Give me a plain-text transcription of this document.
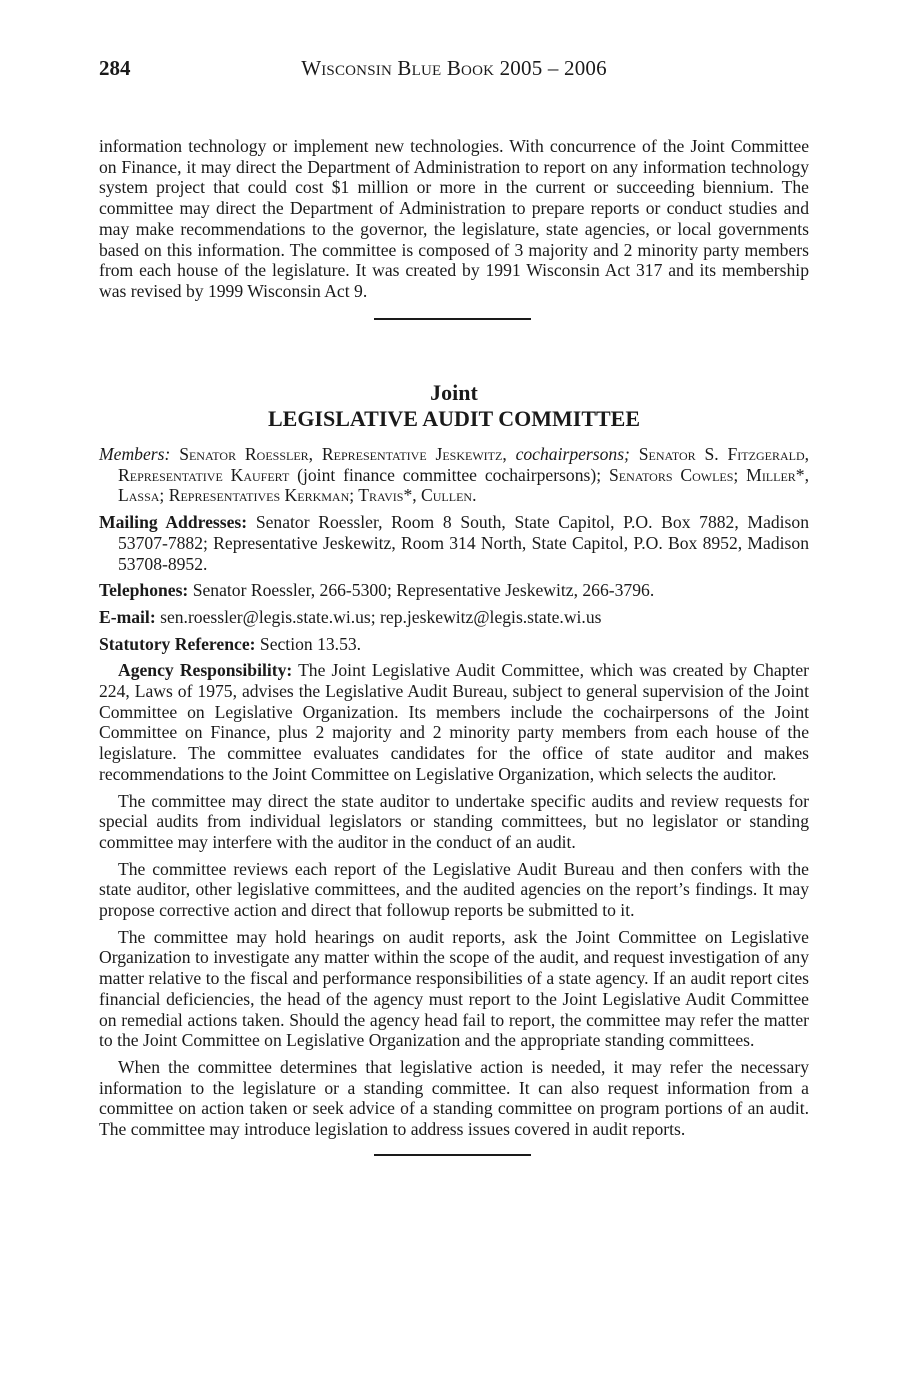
284	Wisconsin Blue Book 2005 – 2006

information technology or implement new technologies. With concurrence of the Joint Committee on Finance, it may direct the Department of Administration to report on any information technology system project that could cost $1 million or more in the current or succeeding biennium. The committee may direct the Department of Administration to prepare reports or conduct studies and may make recommendations to the governor, the legislature, state agencies, or local governments based on this information. The committee is composed of 3 majority and 2 minority party members from each house of the legislature. It was created by 1991 Wisconsin Act 317 and its membership was revised by 1999 Wisconsin Act 9.

Joint
LEGISLATIVE AUDIT COMMITTEE

Members: Senator Roessler, Representative Jeskewitz, cochairpersons; Senator S. Fitzgerald, Representative Kaufert (joint finance committee cochairpersons); Senators Cowles; Miller*, Lassa; Representatives Kerkman; Travis*, Cullen.

Mailing Addresses: Senator Roessler, Room 8 South, State Capitol, P.O. Box 7882, Madison 53707-7882; Representative Jeskewitz, Room 314 North, State Capitol, P.O. Box 8952, Madison 53708-8952.

Telephones: Senator Roessler, 266-5300; Representative Jeskewitz, 266-3796.

E-mail: sen.roessler@legis.state.wi.us; rep.jeskewitz@legis.state.wi.us

Statutory Reference: Section 13.53.

Agency Responsibility: The Joint Legislative Audit Committee, which was created by Chapter 224, Laws of 1975, advises the Legislative Audit Bureau, subject to general supervision of the Joint Committee on Legislative Organization. Its members include the cochairpersons of the Joint Committee on Finance, plus 2 majority and 2 minority party members from each house of the legislature. The committee evaluates candidates for the office of state auditor and makes recommendations to the Joint Committee on Legislative Organization, which selects the auditor.

The committee may direct the state auditor to undertake specific audits and review requests for special audits from individual legislators or standing committees, but no legislator or standing committee may interfere with the auditor in the conduct of an audit.

The committee reviews each report of the Legislative Audit Bureau and then confers with the state auditor, other legislative committees, and the audited agencies on the report’s findings. It may propose corrective action and direct that followup reports be submitted to it.

The committee may hold hearings on audit reports, ask the Joint Committee on Legislative Organization to investigate any matter within the scope of the audit, and request investigation of any matter relative to the fiscal and performance responsibilities of a state agency. If an audit report cites financial deficiencies, the head of the agency must report to the Joint Legislative Audit Committee on remedial actions taken. Should the agency head fail to report, the committee may refer the matter to the Joint Committee on Legislative Organization and the appropriate standing committees.

When the committee determines that legislative action is needed, it may refer the necessary information to the legislature or a standing committee. It can also request information from a committee on action taken or seek advice of a standing committee on program portions of an audit. The committee may introduce legislation to address issues covered in audit reports.
